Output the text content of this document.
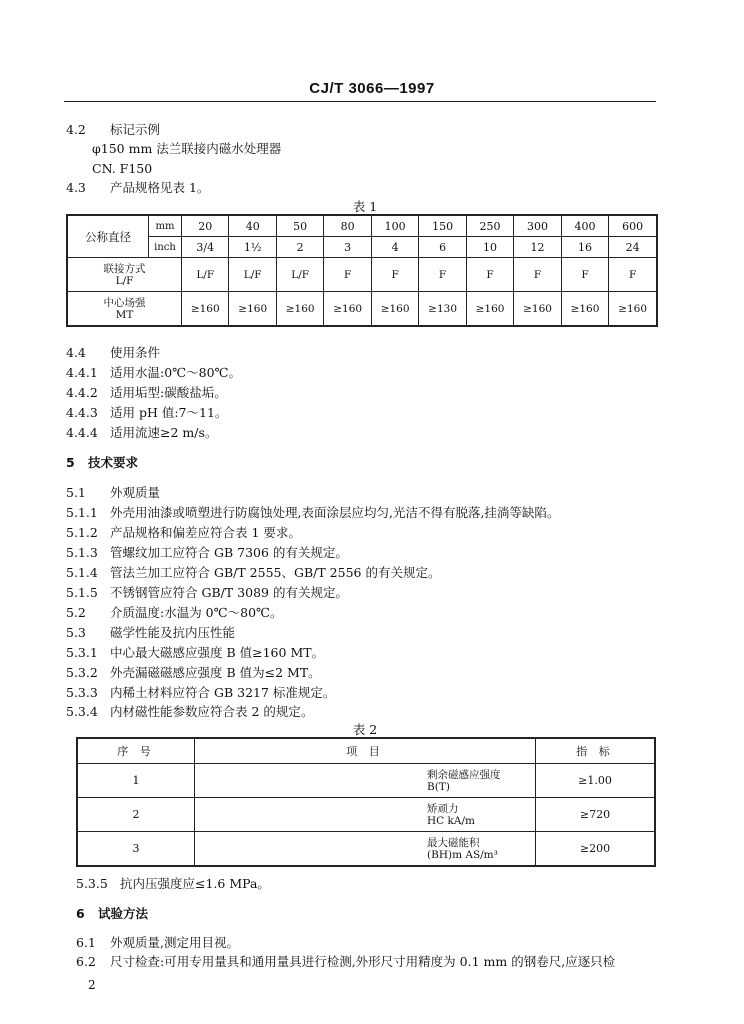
CJ/T 3066—1997
4.2 标记示例
φ150 mm 法兰联接内磁水处理器
CN. F150
4.3 产品规格见表 1。
表 1
公称直径	mm	20	40	50	80	100	150	250	300	400	600
	inch	3/4	1½	2	3	4	6	10	12	16	24

联接方式
L/F		L/F	L/F	L/F	F	F	F	F	F	F	F

中心场强
MT		≥160	≥160	≥160	≥160	≥160	≥130	≥160	≥160	≥160	≥160
4.4 使用条件
4.4.1 适用水温:0℃～80℃。
4.4.2 适用垢型:碳酸盐垢。
4.4.3 适用 pH 值:7～11。
4.4.4 适用流速≥2 m/s。
5 技术要求
5.1 外观质量
5.1.1 外壳用油漆或喷塑进行防腐蚀处理,表面涂层应均匀,光洁不得有脱落,挂淌等缺陷。
5.1.2 产品规格和偏差应符合表 1 要求。
5.1.3 管螺纹加工应符合 GB 7306 的有关规定。
5.1.4 管法兰加工应符合 GB/T 2555、GB/T 2556 的有关规定。
5.1.5 不锈钢管应符合 GB/T 3089 的有关规定。
5.2 介质温度:水温为 0℃～80℃。
5.3 磁学性能及抗内压性能
5.3.1 中心最大磁感应强度 B 值≥160 MT。
5.3.2 外壳漏磁磁感应强度 B 值为≤2 MT。
5.3.3 内稀土材料应符合 GB 3217 标准规定。
5.3.4 内材磁性能参数应符合表 2 的规定。
表 2
序 号	项 目	指 标
1	剩余磁感应强度
B(T)	≥1.00
2	矫顽力
HC kA/m	≥720
3	最大磁能积
(BH)m AS/m³	≥200
5.3.5 抗内压强度应≤1.6 MPa。
6 试验方法
6.1 外观质量,测定用目视。
6.2 尺寸检查:可用专用量具和通用量具进行检测,外形尺寸用精度为 0.1 mm 的钢卷尺,应逐只检
2
